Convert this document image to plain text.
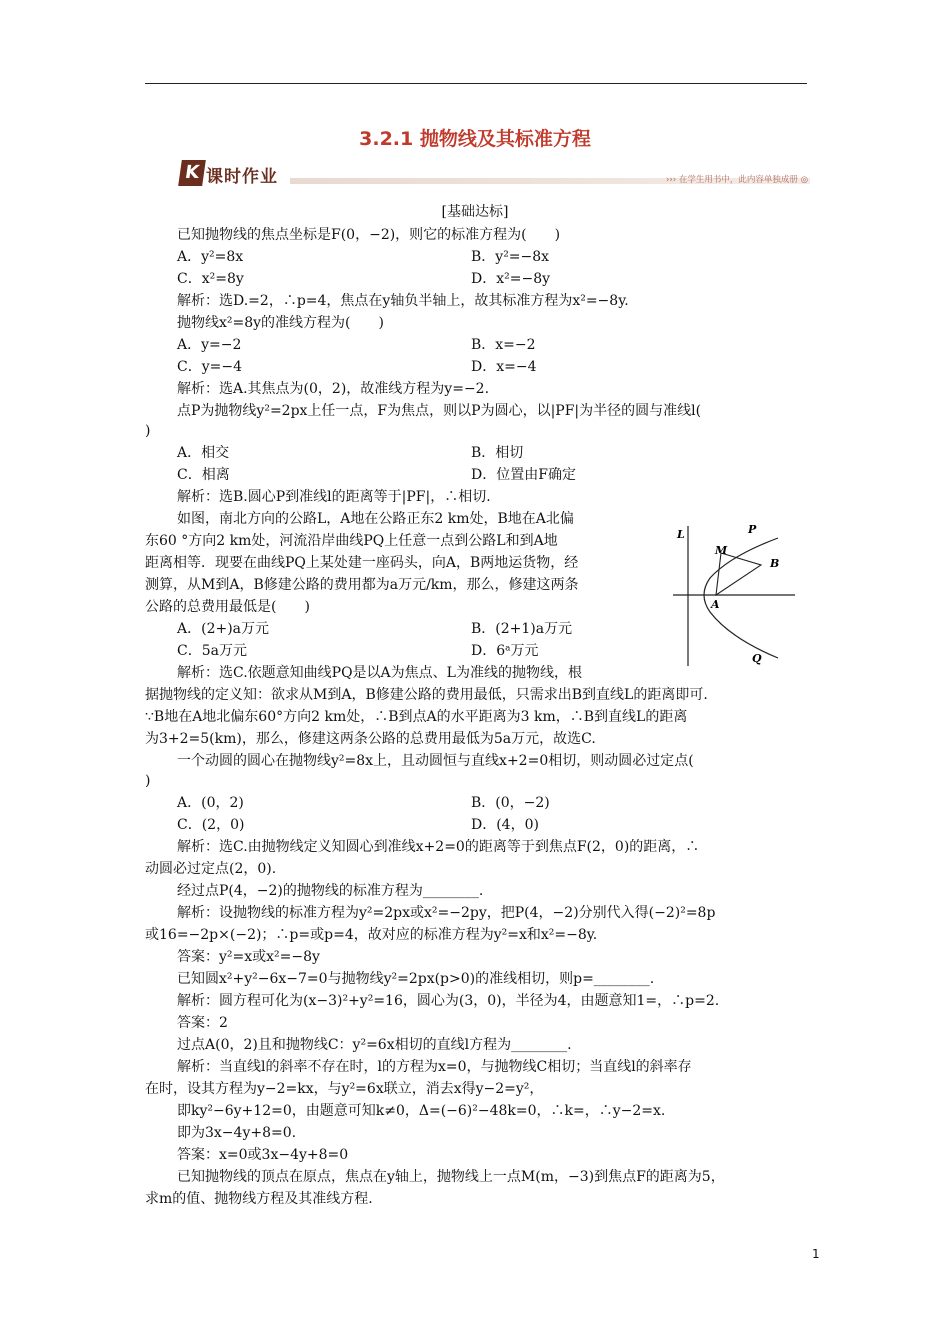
3.2.1 抛物线及其标准方程
K 课时作业	››› 在学生用书中，此内容单独成册 ◎
[基础达标]
已知抛物线的焦点坐标是F(0，−2)，则它的标准方程为(　　)
A．y²=8x	B．y²=−8x
C．x²=8y	D．x²=−8y
解析：选D.=2，∴p=4，焦点在y轴负半轴上，故其标准方程为x²=−8y.
抛物线x²=8y的准线方程为(　　)
A．y=−2	B．x=−2
C．y=−4	D．x=−4
解析：选A.其焦点为(0，2)，故准线方程为y=−2.
点P为抛物线y²=2px上任一点，F为焦点，则以P为圆心，以|PF|为半径的圆与准线l(
)
A．相交	B．相切
C．相离	D．位置由F确定
解析：选B.圆心P到准线l的距离等于|PF|，∴相切.
如图，南北方向的公路L，A地在公路正东2 km处，B地在A北偏
东60 °方向2 km处，河流沿岸曲线PQ上任意一点到公路L和到A地
距离相等．现要在曲线PQ上某处建一座码头，向A，B两地运货物，经
测算，从M到A，B修建公路的费用都为a万元/km，那么，修建这两条
公路的总费用最低是(　　)
A．(2+)a万元	B．(2+1)a万元
C．5a万元	D．6ᵃ万元
解析：选C.依题意知曲线PQ是以A为焦点、L为准线的抛物线，根
据抛物线的定义知：欲求从M到A，B修建公路的费用最低，只需求出B到直线L的距离即可.
∵B地在A地北偏东60°方向2 km处，∴B到点A的水平距离为3 km，∴B到直线L的距离
为3+2=5(km)，那么，修建这两条公路的总费用最低为5a万元，故选C.
一个动圆的圆心在抛物线y²=8x上，且动圆恒与直线x+2=0相切，则动圆必过定点(
)
A．(0，2)	B．(0，−2)
C．(2，0)	D．(4，0)
解析：选C.由抛物线定义知圆心到准线x+2=0的距离等于到焦点F(2，0)的距离，∴
动圆必过定点(2，0).
经过点P(4，−2)的抛物线的标准方程为________.
解析：设抛物线的标准方程为y²=2px或x²=−2py，把P(4，−2)分别代入得(−2)²=8p
或16=−2p×(−2)；∴p=或p=4，故对应的标准方程为y²=x和x²=−8y.
答案：y²=x或x²=−8y
已知圆x²+y²−6x−7=0与抛物线y²=2px(p>0)的准线相切，则p=________.
解析：圆方程可化为(x−3)²+y²=16，圆心为(3，0)，半径为4，由题意知1=，∴p=2.
答案：2
过点A(0，2)且和抛物线C：y²=6x相切的直线l方程为________.
解析：当直线l的斜率不存在时，l的方程为x=0，与抛物线C相切；当直线l的斜率存
在时，设其方程为y−2=kx，与y²=6x联立，消去x得y−2=y²，
即ky²−6y+12=0，由题意可知k≠0，Δ=(−6)²−48k=0，∴k=，∴y−2=x.
即为3x−4y+8=0.
答案：x=0或3x−4y+8=0
已知抛物线的顶点在原点，焦点在y轴上，抛物线上一点M(m，−3)到焦点F的距离为5，
求m的值、抛物线方程及其准线方程.
L	P
M
B
A
Q
1
